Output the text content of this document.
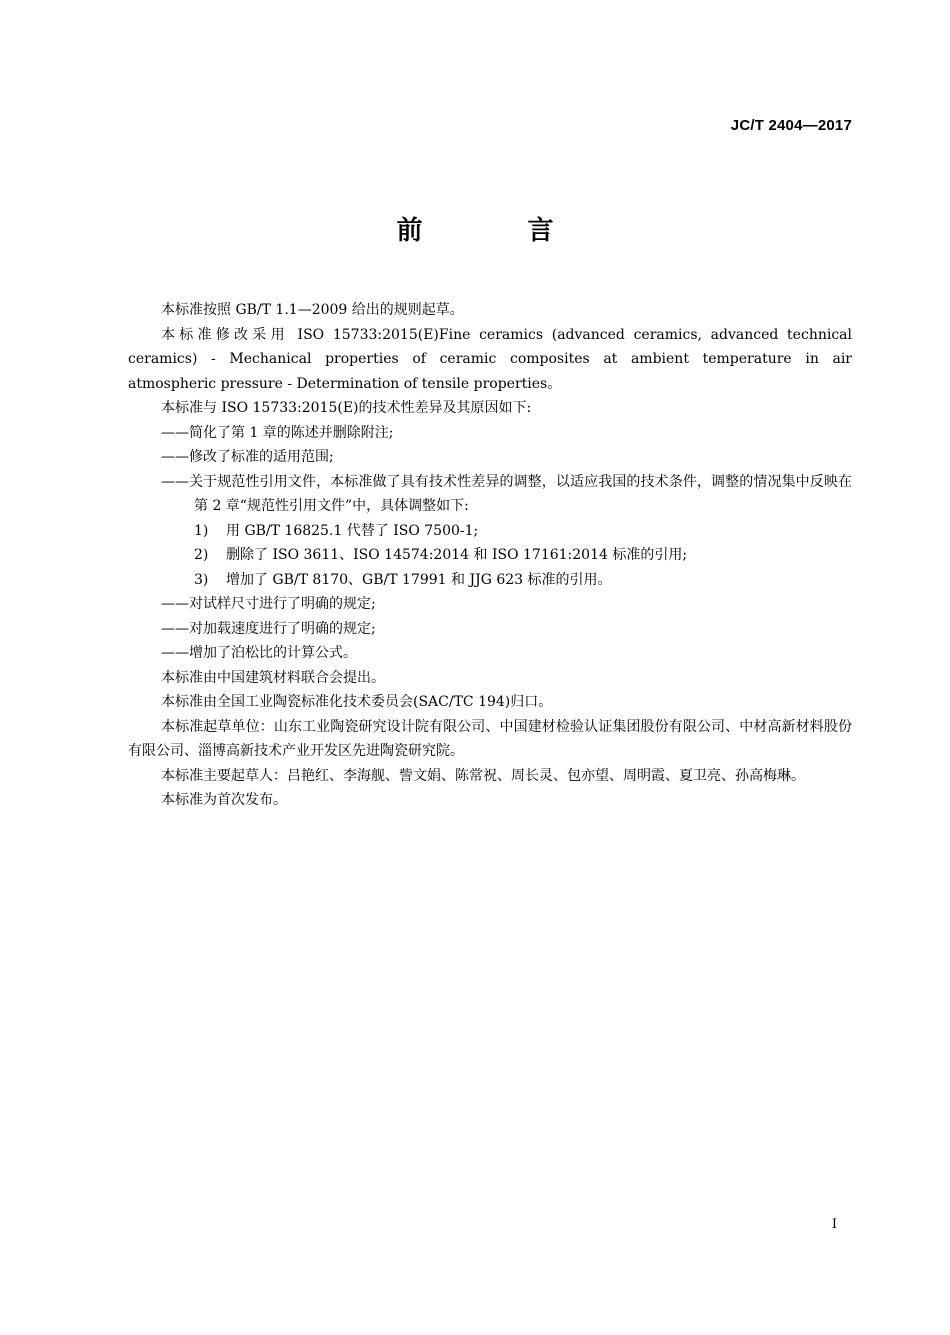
JC/T 2404—2017
前 言

本标准按照 GB/T 1.1—2009 给出的规则起草。

本标准修改采用 ISO 15733:2015(E)Fine ceramics (advanced ceramics, advanced technical

ceramics) - Mechanical properties of ceramic composites at ambient temperature in air

atmospheric pressure - Determination of tensile properties。

本标准与 ISO 15733:2015(E)的技术性差异及其原因如下:

——简化了第 1 章的陈述并删除附注;

——修改了标准的适用范围;

——关于规范性引用文件，本标准做了具有技术性差异的调整，以适应我国的技术条件，调整的情况集中反映在第 2 章“规范性引用文件”中，具体调整如下:

1) 用 GB/T 16825.1 代替了 ISO 7500-1;

2) 删除了 ISO 3611、ISO 14574:2014 和 ISO 17161:2014 标准的引用;

3) 增加了 GB/T 8170、GB/T 17991 和 JJG 623 标准的引用。

——对试样尺寸进行了明确的规定;

——对加载速度进行了明确的规定;

——增加了泊松比的计算公式。

本标准由中国建筑材料联合会提出。

本标准由全国工业陶瓷标准化技术委员会(SAC/TC 194)归口。

本标准起草单位：山东工业陶瓷研究设计院有限公司、中国建材检验认证集团股份有限公司、中材高新材料股份有限公司、淄博高新技术产业开发区先进陶瓷研究院。

本标准主要起草人：吕艳红、李海舰、訾文娟、陈常祝、周长灵、包亦望、周明霞、夏卫亮、孙高梅琳。

本标准为首次发布。

I
